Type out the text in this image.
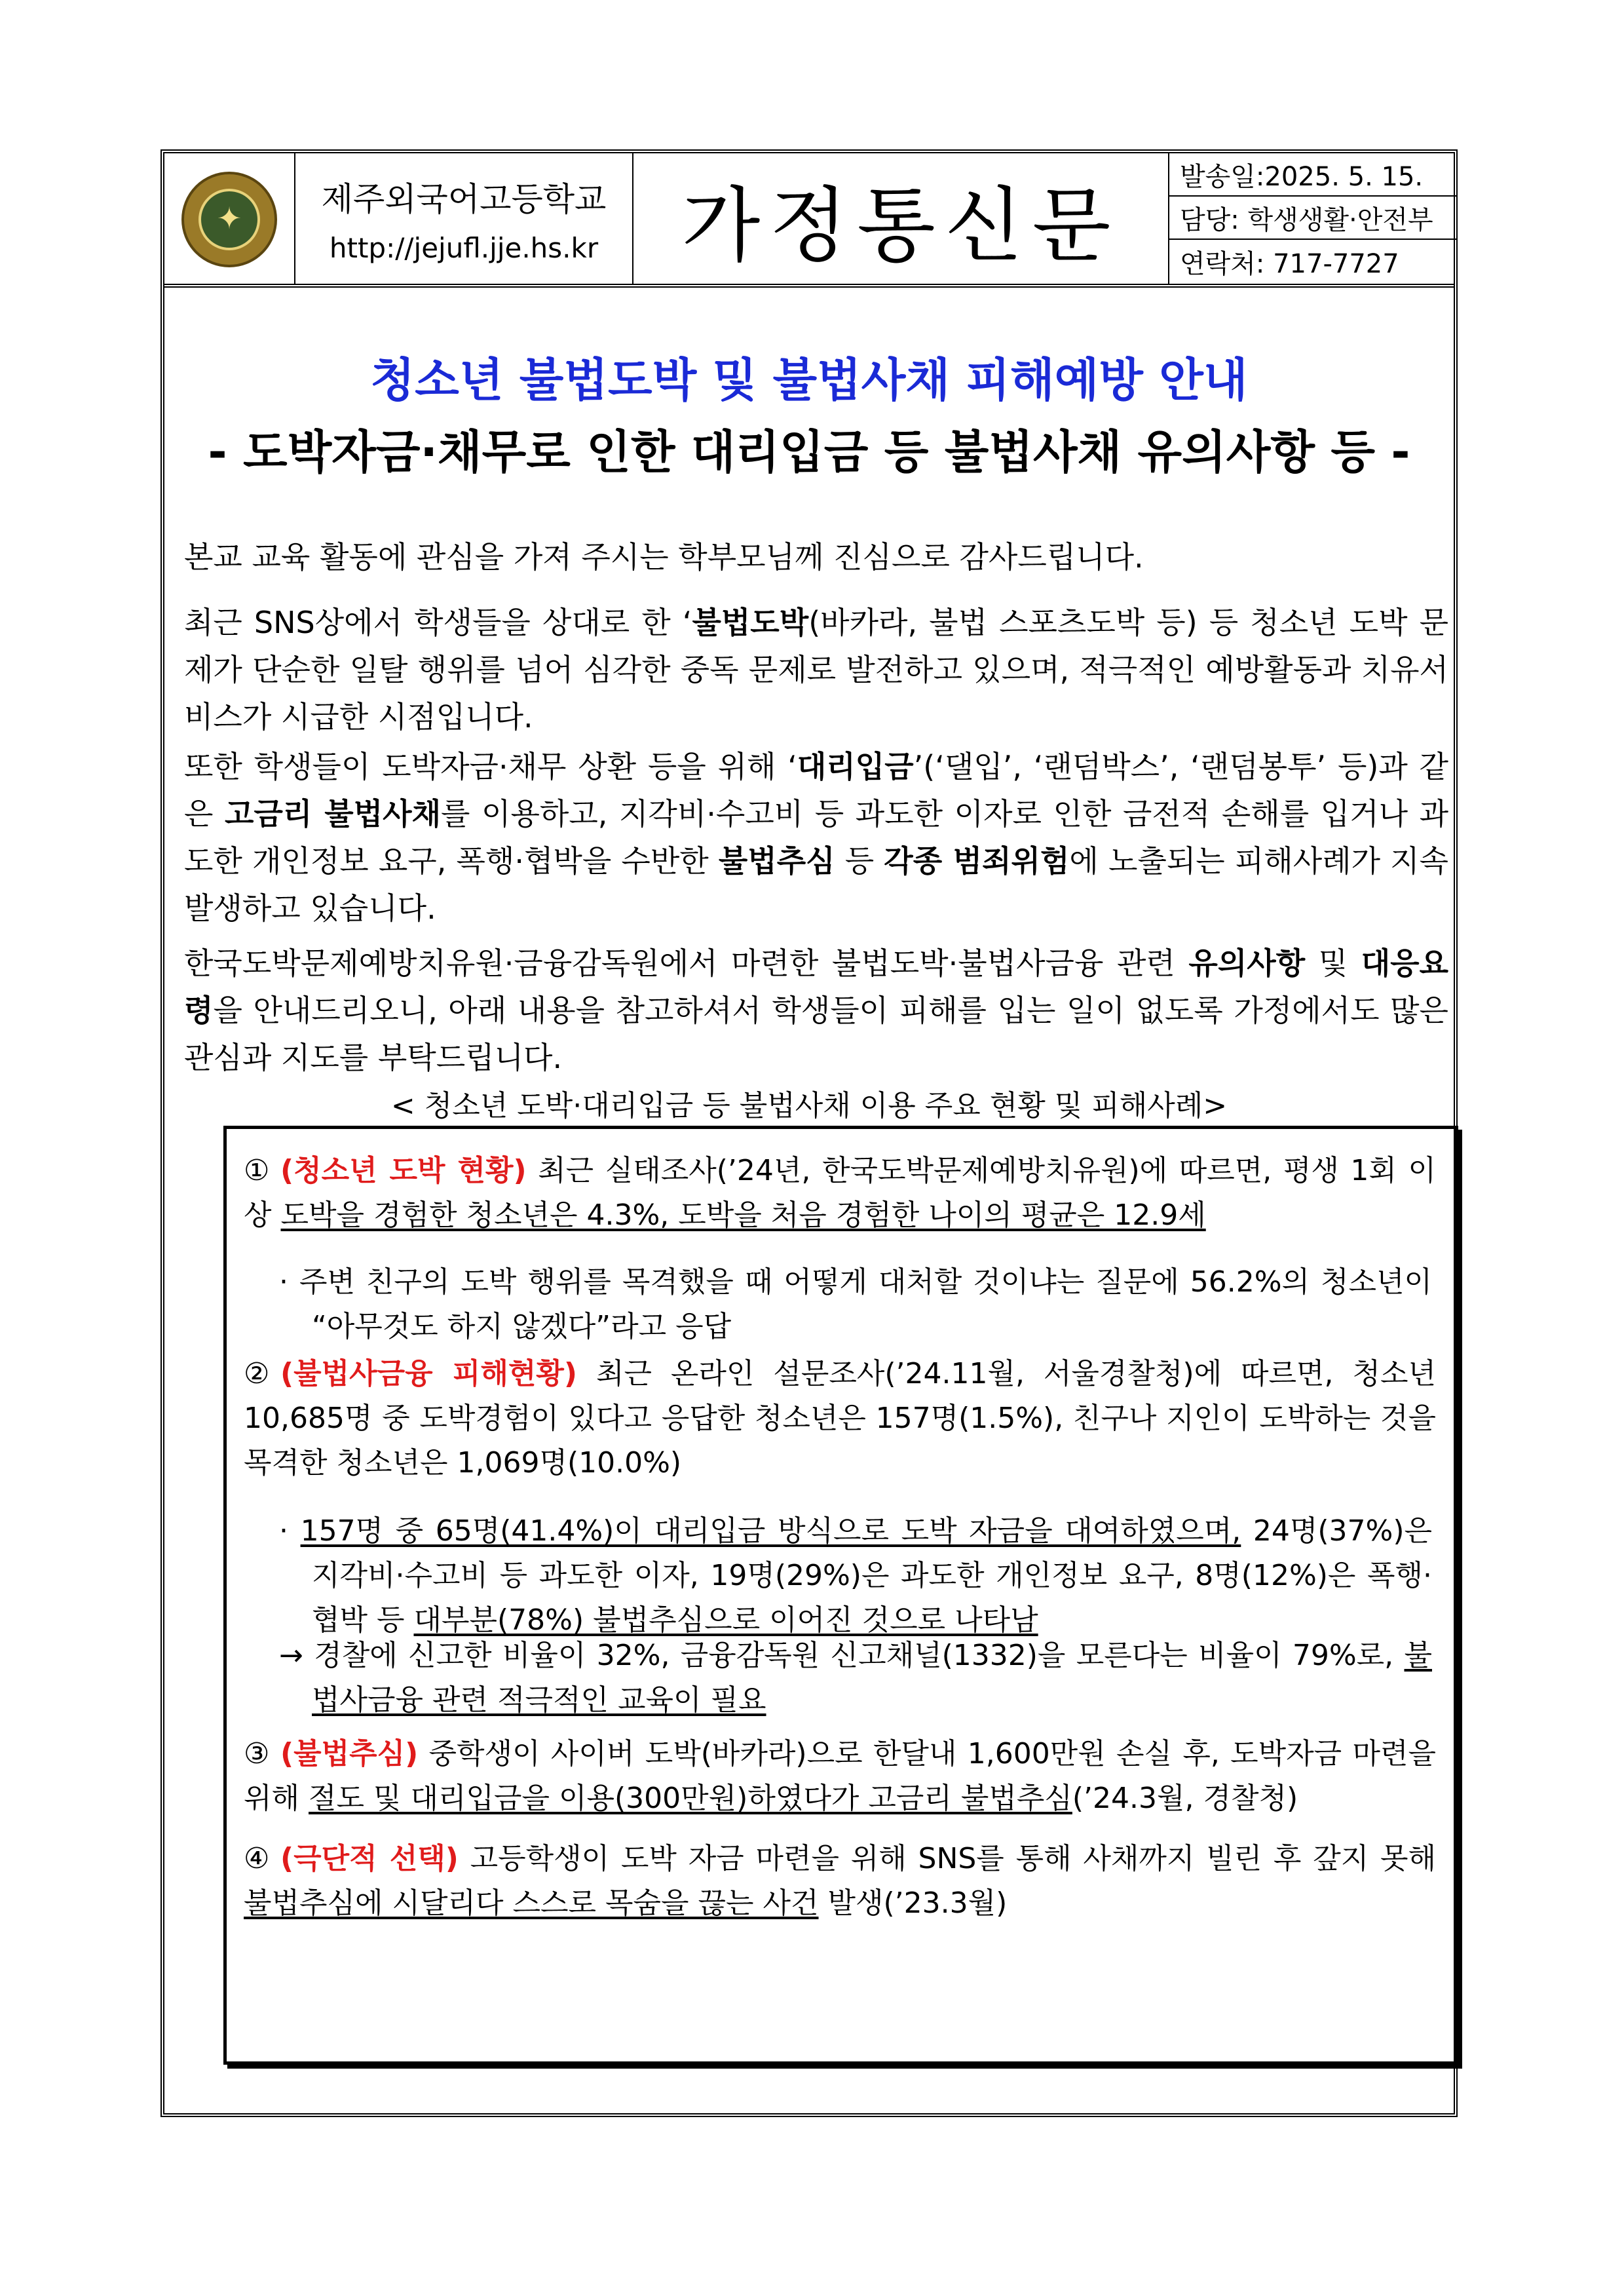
✦	제주외국어고등학교
http://jejufl.jje.hs.kr	가정통신문
발송일:2025. 5. 15.
담당: 학생생활·안전부
연락처: 717-7727
청소년 불법도박 및 불법사채 피해예방 안내
- 도박자금·채무로 인한 대리입금 등 불법사채 유의사항 등 -

본교 교육 활동에 관심을 가져 주시는 학부모님께 진심으로 감사드립니다.

최근 SNS상에서 학생들을 상대로 한 ‘불법도박(바카라, 불법 스포츠도박 등) 등 청소년 도박 문제가 단순한 일탈 행위를 넘어 심각한 중독 문제로 발전하고 있으며, 적극적인 예방활동과 치유서비스가 시급한 시점입니다.

또한 학생들이 도박자금·채무 상환 등을 위해 ‘대리입금’(‘댈입’, ‘랜덤박스’, ‘랜덤봉투’ 등)과 같은 고금리 불법사채를 이용하고, 지각비·수고비 등 과도한 이자로 인한 금전적 손해를 입거나 과도한 개인정보 요구, 폭행·협박을 수반한 불법추심 등 각종 범죄위험에 노출되는 피해사례가 지속 발생하고 있습니다.

한국도박문제예방치유원·금융감독원에서 마련한 불법도박·불법사금융 관련 유의사항 및 대응요령을 안내드리오니, 아래 내용을 참고하셔서 학생들이 피해를 입는 일이 없도록 가정에서도 많은 관심과 지도를 부탁드립니다.

< 청소년 도박·대리입금 등 불법사채 이용 주요 현황 및 피해사례>

① (청소년 도박 현황) 최근 실태조사(’24년, 한국도박문제예방치유원)에 따르면, 평생 1회 이상 도박을 경험한 청소년은 4.3%, 도박을 처음 경험한 나이의 평균은 12.9세

· 주변 친구의 도박 행위를 목격했을 때 어떻게 대처할 것이냐는 질문에 56.2%의 청소년이 “아무것도 하지 않겠다”라고 응답

② (불법사금융 피해현황) 최근 온라인 설문조사(’24.11월, 서울경찰청)에 따르면, 청소년 10,685명 중 도박경험이 있다고 응답한 청소년은 157명(1.5%), 친구나 지인이 도박하는 것을 목격한 청소년은 1,069명(10.0%)

· 157명 중 65명(41.4%)이 대리입금 방식으로 도박 자금을 대여하였으며, 24명(37%)은 지각비·수고비 등 과도한 이자, 19명(29%)은 과도한 개인정보 요구, 8명(12%)은 폭행·협박 등 대부분(78%) 불법추심으로 이어진 것으로 나타남

→ 경찰에 신고한 비율이 32%, 금융감독원 신고채널(1332)을 모른다는 비율이 79%로, 불법사금융 관련 적극적인 교육이 필요

③ (불법추심) 중학생이 사이버 도박(바카라)으로 한달내 1,600만원 손실 후, 도박자금 마련을 위해 절도 및 대리입금을 이용(300만원)하였다가 고금리 불법추심(’24.3월, 경찰청)

④ (극단적 선택) 고등학생이 도박 자금 마련을 위해 SNS를 통해 사채까지 빌린 후 갚지 못해 불법추심에 시달리다 스스로 목숨을 끊는 사건 발생(’23.3월)
